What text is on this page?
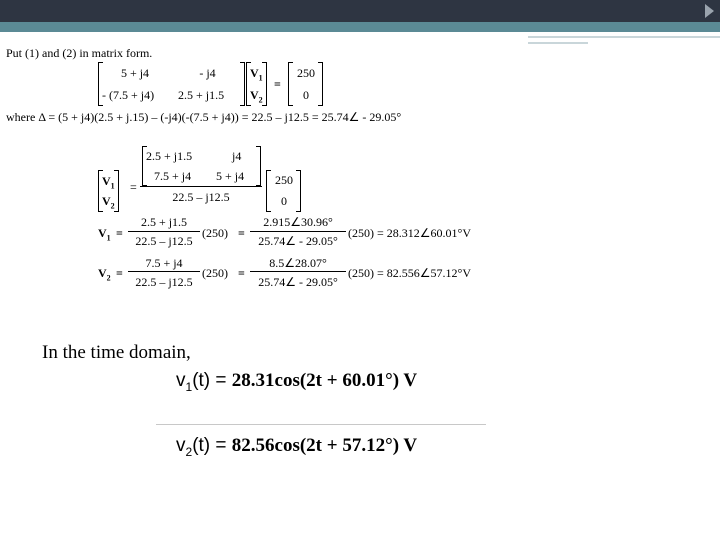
Put (1) and (2) in matrix form.
5 + j4	- j4
- (7.5 + j4) 2.5 + j1.5
$V_1$
$V_2$
=
250
0
where Δ = (5 + j4)(2.5 + j.15) – (-j4)(-(7.5 + j4)) = 22.5 – j12.5 = 25.74∠ - 29.05°
$V_1$
$V_2$
=
2.5 + j1.5	j4
7.5 + j4 5 + j4
22.5 – j12.5
250
0
$V_1$ =
2.5 + j1.5
22.5 – j12.5
(250) =
2.915∠30.96°
25.74∠ - 29.05°
(250) = 28.312∠60.01°V
$V_2$ =
7.5 + j4
22.5 – j12.5
(250) =
8.5∠28.07°
25.74∠ - 29.05°
(250) = 82.556∠57.12°V
In the time domain,
$v_1(t) = 28.31\cos(2t + 60.01^\circ)$ V
$v_2(t) = 82.56\cos(2t + 57.12^\circ)$ V
